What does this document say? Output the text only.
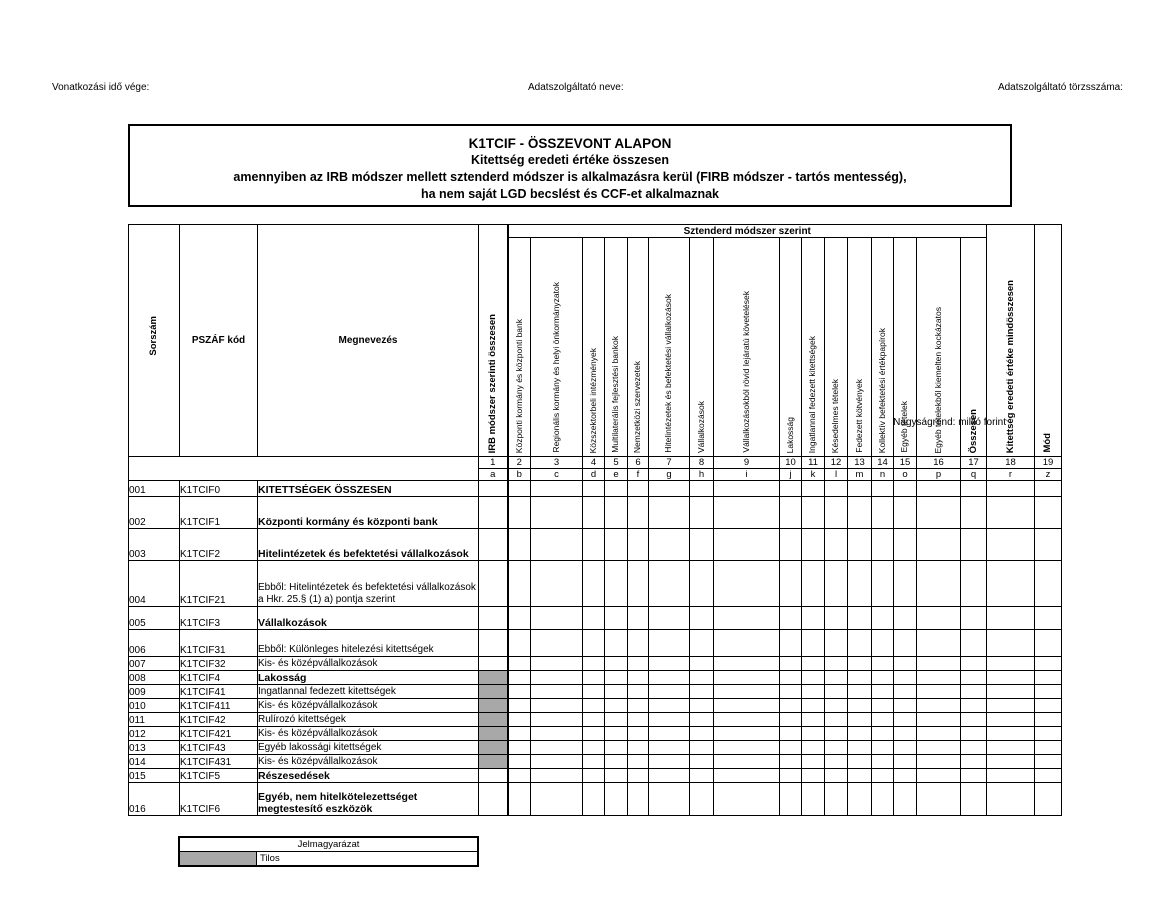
Vonatkozási idő vége:	Adatszolgáltató neve:	Adatszolgáltató törzsszáma:
K1TCIF - ÖSSZEVONT ALAPON
Kitettség eredeti értéke összesen
amennyiben az IRB módszer mellett sztenderd módszer is alkalmazásra kerül (FIRB módszer - tartós mentesség),
ha nem saját LGD becslést és CCF-et alkalmaznak
Nagyságrend: millió forint
Sorszám	PSZÁF kód	Megnevezés	IRB módszer szerinti összesen	Sztenderd módszer szerint																Kitettség eredeti értéke mindösszesen	Mód

				Központi kormány és központi bank	Regionális kormány és helyi önkormányzatok	Közszektorbeli intézmények	Multilaterális fejlesztési bankok	Nemzetközi szervezetek	Hitelintézetek és befektetési vállalkozások	Vállalkozások	Vállalkozásokból rövid lejáratú követelések	Lakosság	Ingatlannal fedezett kitettségek	Késedelmes tételek	Fedezett kötvények	Kollektív befektetési értékpapírok	Egyéb tételek	Egyéb tételekből kiemelten kockázatos	Összesen		

			1	2	3	4	5	6	7	8	9	10	11	12	13	14	15	16	17	18	19
			a	b	c	d	e	f	g	h	i	j	k	l	m	n	o	p	q	r	z
001	K1TCIF0	KITETTSÉGEK ÖSSZESEN																			
002	K1TCIF1	Központi kormány és központi bank																			
003	K1TCIF2	Hitelintézetek és befektetési vállalkozások																			
004	K1TCIF21	Ebből: Hitelintézetek és befektetési vállalkozások a Hkr. 25.§ (1) a) pontja szerint																			
005	K1TCIF3	Vállalkozások																			
006	K1TCIF31	Ebből: Különleges hitelezési kitettségek																			
007	K1TCIF32	Kis- és középvállalkozások																			
008	K1TCIF4	Lakosság																			
009	K1TCIF41	Ingatlannal fedezett kitettségek																			
010	K1TCIF411	Kis- és középvállalkozások																			
011	K1TCIF42	Rulírozó kitettségek																			
012	K1TCIF421	Kis- és középvállalkozások																			
013	K1TCIF43	Egyéb lakossági kitettségek																			
014	K1TCIF431	Kis- és középvállalkozások																			
015	K1TCIF5	Részesedések																			
016	K1TCIF6	Egyéb, nem hitelkötelezettséget megtestesítő eszközök																			
Jelmagyarázat
Tilos
